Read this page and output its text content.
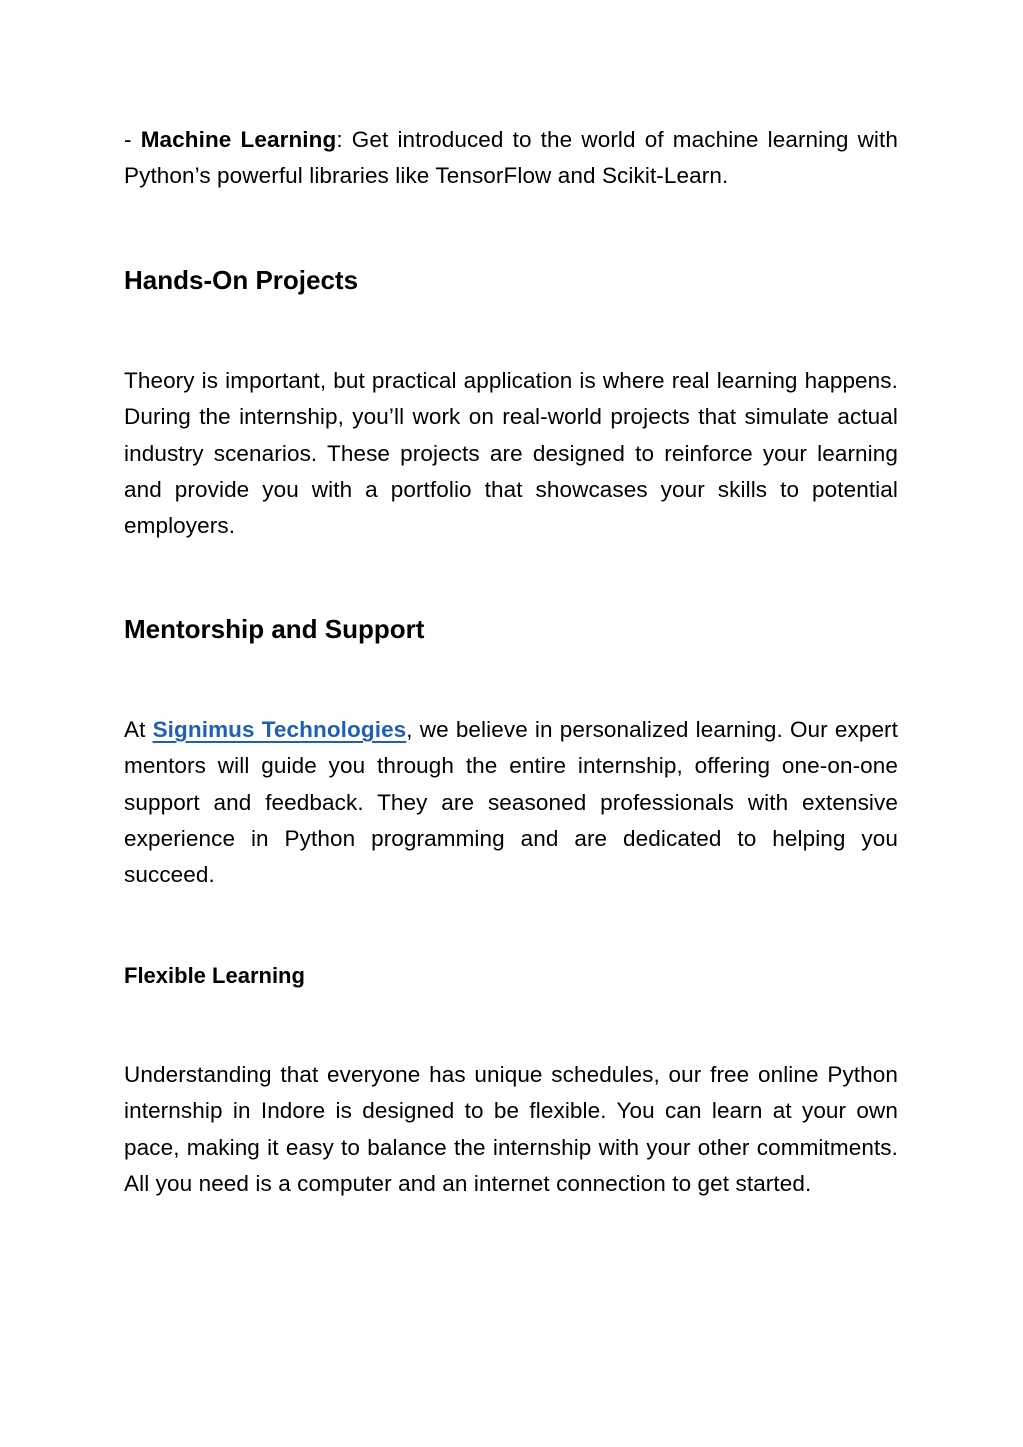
- Machine Learning: Get introduced to the world of machine learning with Python’s powerful libraries like TensorFlow and Scikit-Learn.

Hands-On Projects

Theory is important, but practical application is where real learning happens. During the internship, you’ll work on real-world projects that simulate actual industry scenarios. These projects are designed to reinforce your learning and provide you with a portfolio that showcases your skills to potential employers.

Mentorship and Support

At Signimus Technologies, we believe in personalized learning. Our expert mentors will guide you through the entire internship, offering one-on-one support and feedback. They are seasoned professionals with extensive experience in Python programming and are dedicated to helping you succeed.

Flexible Learning

Understanding that everyone has unique schedules, our free online Python internship in Indore is designed to be flexible. You can learn at your own pace, making it easy to balance the internship with your other commitments. All you need is a computer and an internet connection to get started.
